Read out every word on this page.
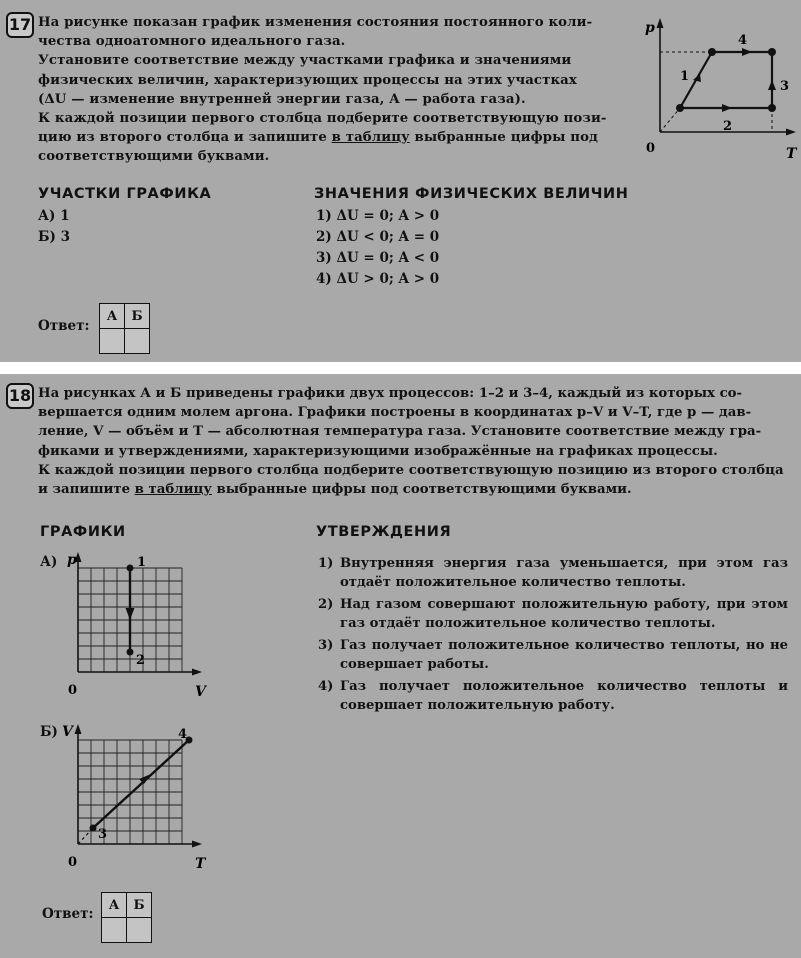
17 На рисунке показан график изменения состояния постоянного коли-

чества одноатомного идеального газа.

Установите соответствие между участками графика и значениями

физических величин, характеризующих процессы на этих участках

(ΔU — изменение внутренней энергии газа, A — работа газа).

К каждой позиции первого столбца подберите соответствующую пози-

цию из второго столбца и запишите в таблицу выбранные цифры под

соответствующими буквами.

p
T
0
1
2
3
4
УЧАСТКИ ГРАФИКА	ЗНАЧЕНИЯ ФИЗИЧЕСКИХ ВЕЛИЧИН
А) 1
Б) 3
1) ΔU = 0; A > 0
2) ΔU < 0; A = 0
3) ΔU = 0; A < 0
4) ΔU > 0; A > 0
Ответ:
А	Б

18 На рисунках А и Б приведены графики двух процессов: 1–2 и 3–4, каждый из которых со-

вершается одним молем аргона. Графики построены в координатах p–V и V–T, где p — дав-

ление, V — объём и T — абсолютная температура газа. Установите соответствие между гра-

фиками и утверждениями, характеризующими изображённые на графиках процессы.

К каждой позиции первого столбца подберите соответствующую позицию из второго столбца

и запишите в таблицу выбранные цифры под соответствующими буквами.

ГРАФИКИ	УТВЕРЖДЕНИЯ
А) p
V
0
1
2
Б) V
T
0
3
4
1) Внутренняя энергия газа уменьшается, при этом газ отдаёт положительное количество теплоты.
2) Над газом совершают положительную работу, при этом газ отдаёт положительное количество теплоты.
3) Газ получает положительное количество теплоты, но не совершает работы.
4) Газ получает положительное количество теплоты и совершает положительную работу.
Ответ:
А	Б
